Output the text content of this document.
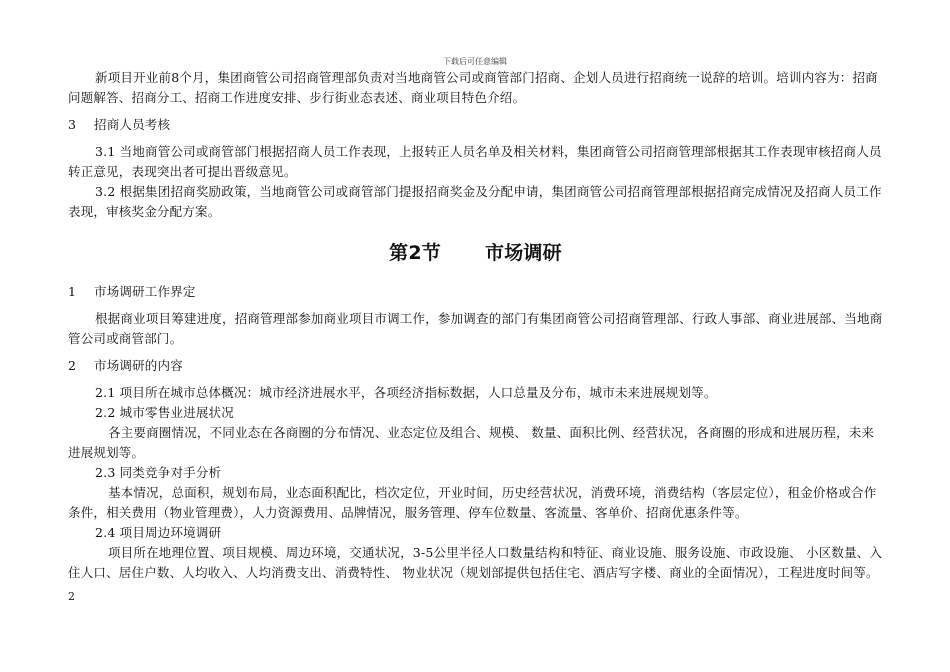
下载后可任意编辑

新项目开业前8个月，集团商管公司招商管理部负责对当地商管公司或商管部门招商、企划人员进行招商统一说辞的培训。培训内容为：招商问题解答、招商分工、招商工作进度安排、步行街业态表述、商业项目特色介绍。

3 招商人员考核

3.1 当地商管公司或商管部门根据招商人员工作表现，上报转正人员名单及相关材料，集团商管公司招商管理部根据其工作表现审核招商人员转正意见，表现突出者可提出晋级意见。

3.2 根据集团招商奖励政策，当地商管公司或商管部门提报招商奖金及分配申请，集团商管公司招商管理部根据招商完成情况及招商人员工作表现，审核奖金分配方案。

第2节 市场调研

1 市场调研工作界定

根据商业项目筹建进度，招商管理部参加商业项目市调工作，参加调查的部门有集团商管公司招商管理部、行政人事部、商业进展部、当地商管公司或商管部门。

2 市场调研的内容

2.1 项目所在城市总体概况：城市经济进展水平，各项经济指标数据，人口总量及分布，城市未来进展规划等。

2.2 城市零售业进展状况

各主要商圈情况，不同业态在各商圈的分布情况、业态定位及组合、规模、 数量、面积比例、经营状况，各商圈的形成和进展历程，未来进展规划等。

2.3 同类竞争对手分析

基本情况，总面积，规划布局，业态面积配比，档次定位，开业时间，历史经营状况，消费环境，消费结构（客层定位），租金价格或合作条件，相关费用（物业管理费），人力资源费用、品牌情况，服务管理、停车位数量、客流量、客单价、招商优惠条件等。

2.4 项目周边环境调研

项目所在地理位置、项目规模、周边环境，交通状况，3-5公里半径人口数量结构和特征、商业设施、服务设施、市政设施、 小区数量、入住人口、居住户数、人均收入、人均消费支出、消费特性、 物业状况（规划部提供包括住宅、酒店写字楼、商业的全面情况），工程进度时间等。

2
